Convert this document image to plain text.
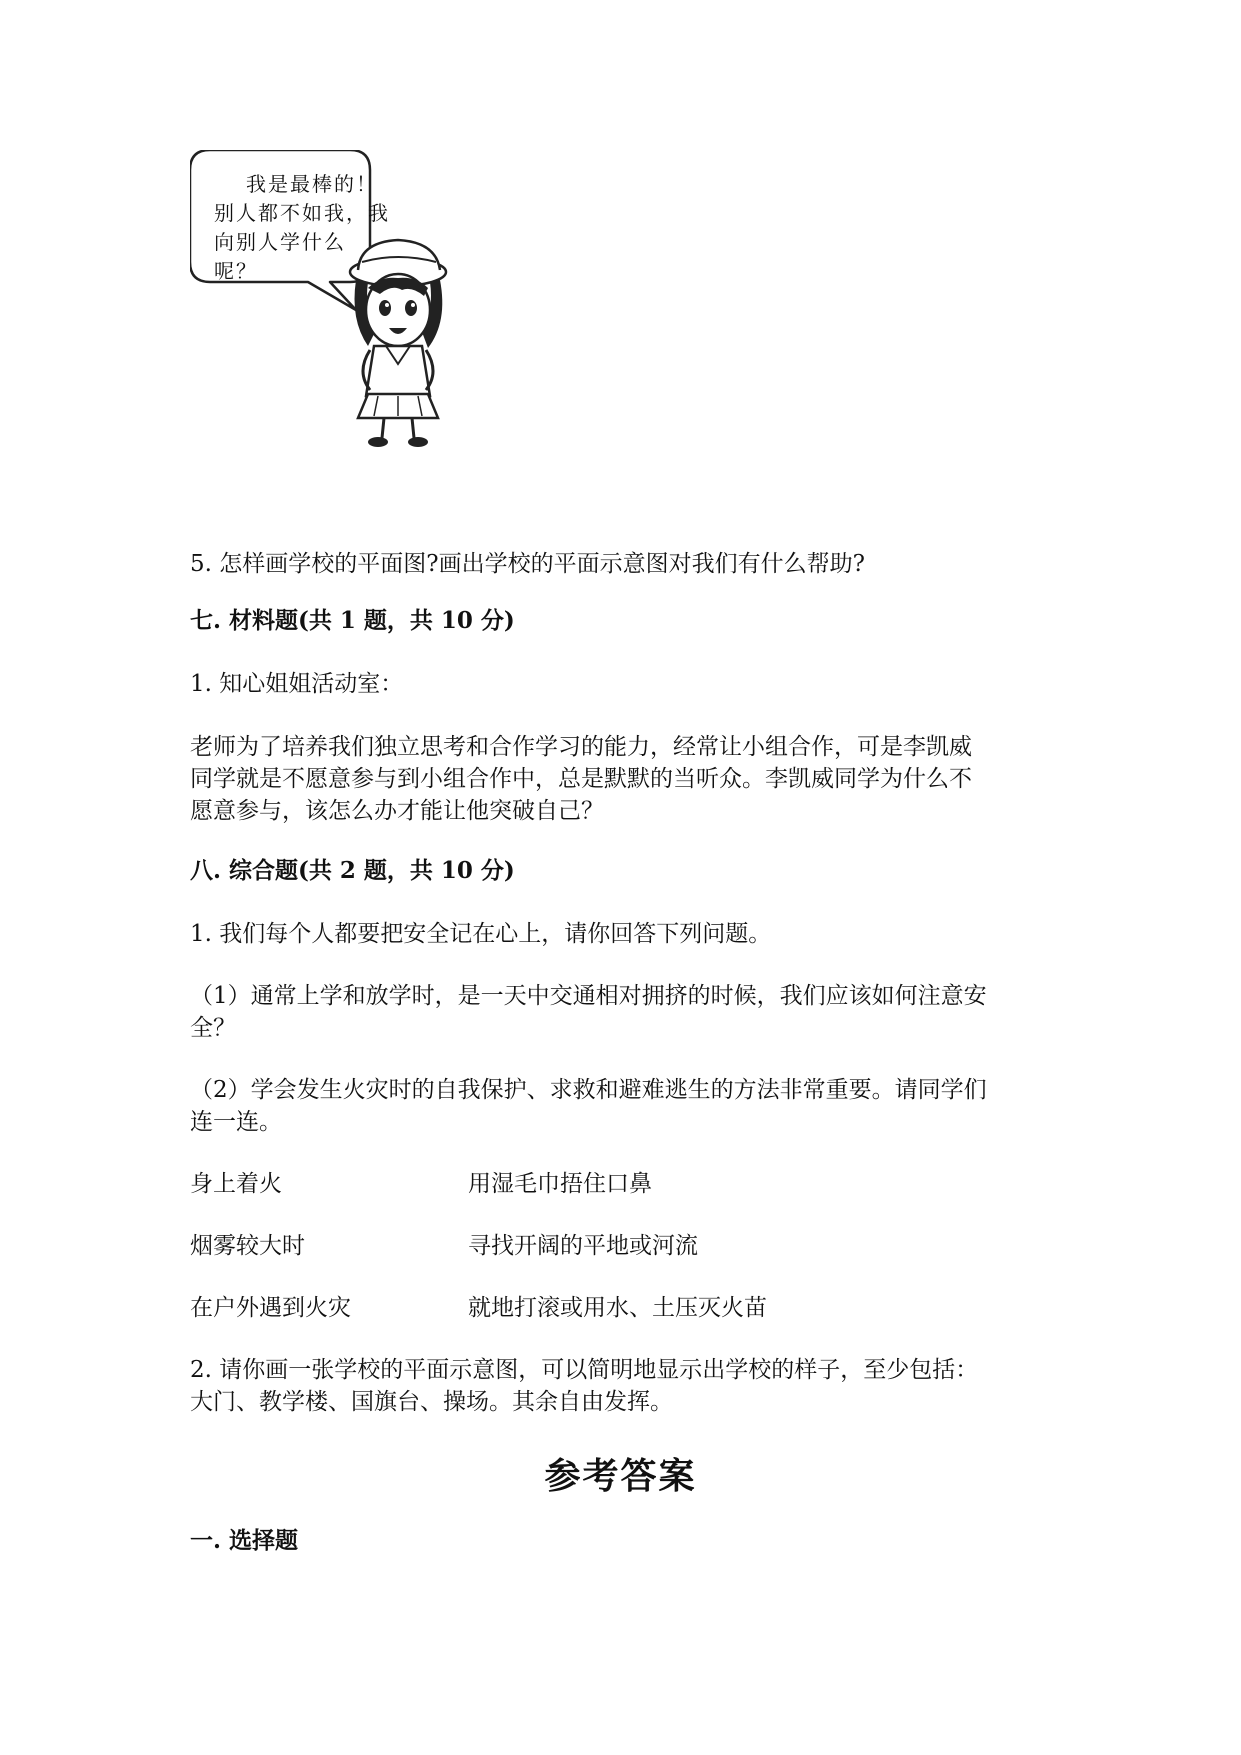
我是最棒的！
别人都不如我，我
向别人学什么
呢？
5. 怎样画学校的平面图?画出学校的平面示意图对我们有什么帮助?
七. 材料题(共 1 题，共 10 分)
1. 知心姐姐活动室：
老师为了培养我们独立思考和合作学习的能力，经常让小组合作，可是李凯威
同学就是不愿意参与到小组合作中，总是默默的当听众。李凯威同学为什么不
愿意参与，该怎么办才能让他突破自己？
八. 综合题(共 2 题，共 10 分)
1. 我们每个人都要把安全记在心上，请你回答下列问题。
（1）通常上学和放学时，是一天中交通相对拥挤的时候，我们应该如何注意安
全？
（2）学会发生火灾时的自我保护、求救和避难逃生的方法非常重要。请同学们
连一连。
身上着火	用湿毛巾捂住口鼻
烟雾较大时	寻找开阔的平地或河流
在户外遇到火灾	就地打滚或用水、土压灭火苗
2. 请你画一张学校的平面示意图，可以简明地显示出学校的样子，至少包括：
大门、教学楼、国旗台、操场。其余自由发挥。
参考答案
一. 选择题
